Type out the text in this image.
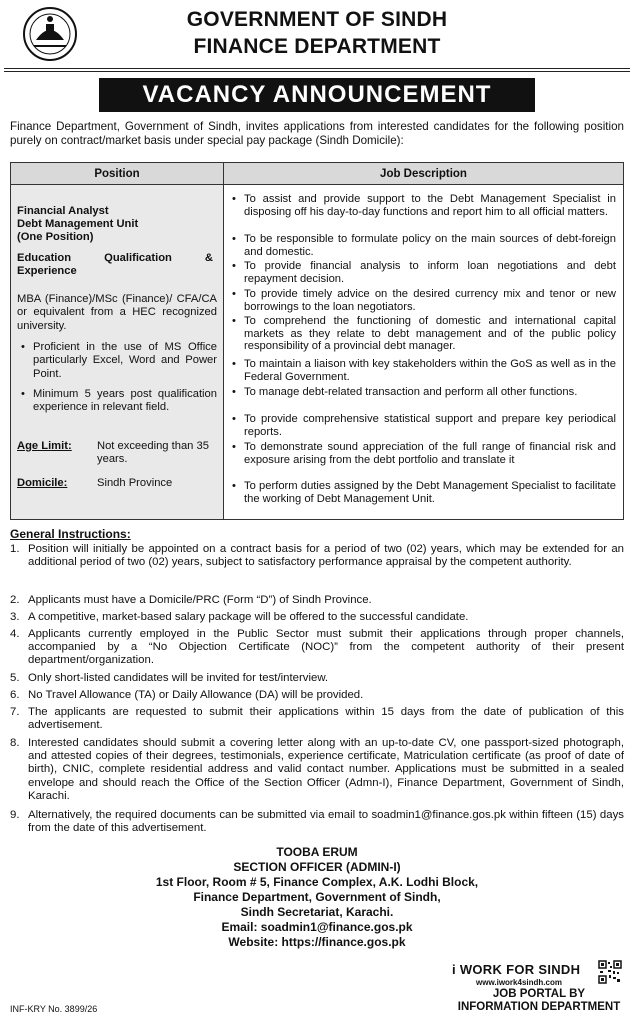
GOVERNMENT OF SINDH
FINANCE DEPARTMENT
VACANCY ANNOUNCEMENT
Finance Department, Government of Sindh, invites applications from interested candidates for the following position purely on contract/market basis under special pay package (Sindh Domicile):
Position	Job Description
Financial Analyst
Debt Management Unit
(One Position)
Education Qualification & Experience
MBA (Finance)/MSc (Finance)/ CFA/CA or equivalent from a HEC recognized university.
• Proficient in the use of MS Office particularly Excel, Word and Power Point.
• Minimum 5 years post qualification experience in relevant field.
Age Limit: Not exceeding than 35 years.
Domicile:	Sindh Province
• To assist and provide support to the Debt Management Specialist in disposing off his day-to-day functions and report him to all official matters.
• To be responsible to formulate policy on the main sources of debt-foreign and domestic.
• To provide financial analysis to inform loan negotiations and debt repayment decision.
• To provide timely advice on the desired currency mix and tenor or new borrowings to the loan negotiators.
• To comprehend the functioning of domestic and international capital markets as they relate to debt management and of the public policy responsibility of a provincial debt manager.
• To maintain a liaison with key stakeholders within the GoS as well as in the Federal Government.
• To manage debt-related transaction and perform all other functions.
• To provide comprehensive statistical support and prepare key periodical reports.
• To demonstrate sound appreciation of the full range of financial risk and exposure arising from the debt portfolio and translate it
• To perform duties assigned by the Debt Management Specialist to facilitate the working of Debt Management Unit.
General Instructions:
1. Position will initially be appointed on a contract basis for a period of two (02) years, which may be extended for an additional period of two (02) years, subject to satisfactory performance appraisal by the competent authority.
2. Applicants must have a Domicile/PRC (Form “D”) of Sindh Province.
3. A competitive, market-based salary package will be offered to the successful candidate.
4. Applicants currently employed in the Public Sector must submit their applications through proper channels, accompanied by a “No Objection Certificate (NOC)” from the competent authority of their present department/organization.
5. Only short-listed candidates will be invited for test/interview.
6. No Travel Allowance (TA) or Daily Allowance (DA) will be provided.
7. The applicants are requested to submit their applications within 15 days from the date of publication of this advertisement.
8. Interested candidates should submit a covering letter along with an up-to-date CV, one passport-sized photograph, and attested copies of their degrees, testimonials, experience certificate, Matriculation certificate (as proof of date of birth), CNIC, complete residential address and valid contact number. Applications must be submitted in a sealed envelope and should reach the Office of the Section Officer (Admn-I), Finance Department, Government of Sindh, Karachi.
9. Alternatively, the required documents can be submitted via email to soadmin1@finance.gos.pk within fifteen (15) days from the date of this advertisement.
TOOBA ERUM
SECTION OFFICER (ADMIN-I)
1st Floor, Room # 5, Finance Complex, A.K. Lodhi Block,
Finance Department, Government of Sindh,
Sindh Secretariat, Karachi.
Email: soadmin1@finance.gos.pk
Website: https://finance.gos.pk
INF-KRY No. 3899/26
i WORK FOR SINDH
www.iwork4sindh.com
JOB PORTAL BY
INFORMATION DEPARTMENT
